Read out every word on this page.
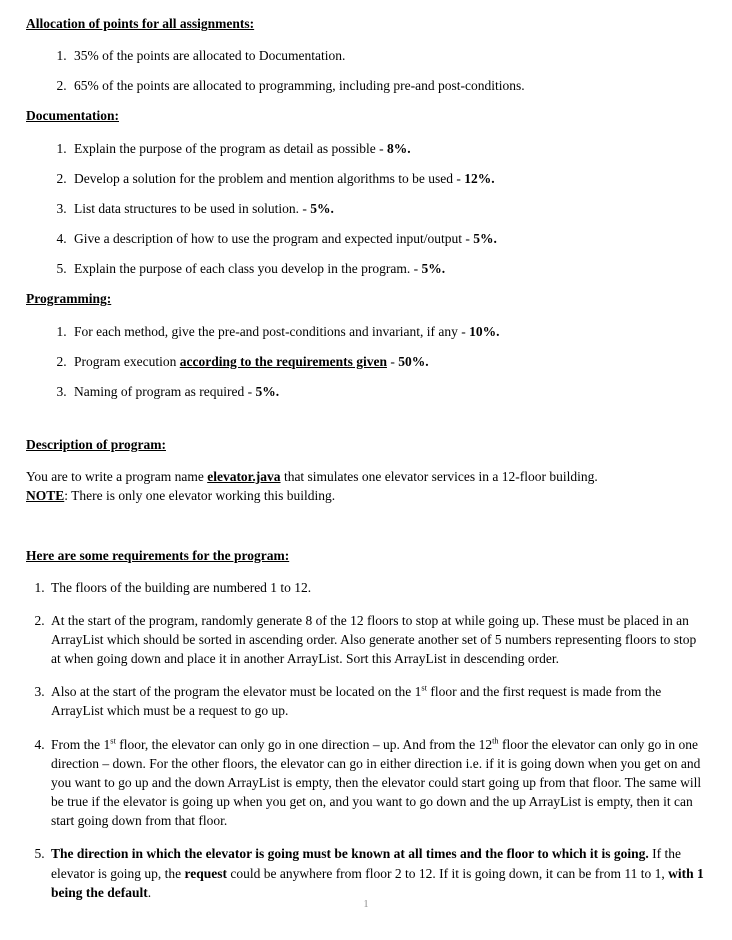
Allocation of points for all assignments:
1. 35% of the points are allocated to Documentation.
2. 65% of the points are allocated to programming, including pre-and post-conditions.
Documentation:
1. Explain the purpose of the program as detail as possible - 8%.
2. Develop a solution for the problem and mention algorithms to be used - 12%.
3. List data structures to be used in solution. - 5%.
4. Give a description of how to use the program and expected input/output - 5%.
5. Explain the purpose of each class you develop in the program. - 5%.
Programming:
1. For each method, give the pre-and post-conditions and invariant, if any - 10%.
2. Program execution according to the requirements given - 50%.
3. Naming of program as required - 5%.
Description of program:

You are to write a program name elevator.java that simulates one elevator services in a 12-floor building.
NOTE: There is only one elevator working this building.

Here are some requirements for the program:
1. The floors of the building are numbered 1 to 12.
2. At the start of the program, randomly generate 8 of the 12 floors to stop at while going up. These must be placed in an ArrayList which should be sorted in ascending order. Also generate another set of 5 numbers representing floors to stop at when going down and place it in another ArrayList. Sort this ArrayList in descending order.
3. Also at the start of the program the elevator must be located on the 1st floor and the first request is made from the ArrayList which must be a request to go up.
4. From the 1st floor, the elevator can only go in one direction – up. And from the 12th floor the elevator can only go in one direction – down. For the other floors, the elevator can go in either direction i.e. if it is going down when you get on and you want to go up and the down ArrayList is empty, then the elevator could start going up from that floor. The same will be true if the elevator is going up when you get on, and you want to go down and the up ArrayList is empty, then it can start going down from that floor.
5. The direction in which the elevator is going must be known at all times and the floor to which it is going. If the elevator is going up, the request could be anywhere from floor 2 to 12. If it is going down, it can be from 11 to 1, with 1 being the default.
1
